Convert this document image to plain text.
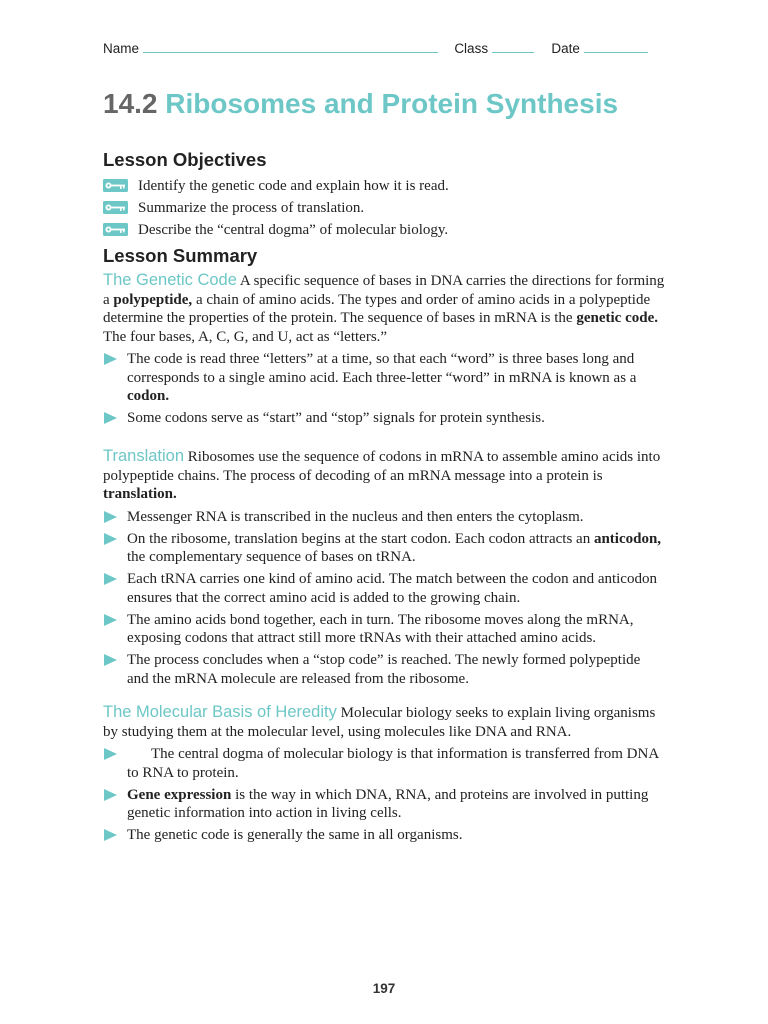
Name	Class	Date
14.2 Ribosomes and Protein Synthesis
Lesson Objectives
Identify the genetic code and explain how it is read.
Summarize the process of translation.
Describe the “central dogma” of molecular biology.
Lesson Summary

The Genetic Code A specific sequence of bases in DNA carries the directions for forming a polypeptide, a chain of amino acids. The types and order of amino acids in a polypeptide determine the properties of the protein. The sequence of bases in mRNA is the genetic code. The four bases, A, C, G, and U, act as “letters.”

The code is read three “letters” at a time, so that each “word” is three bases long and corresponds to a single amino acid. Each three-letter “word” in mRNA is known as a codon.
Some codons serve as “start” and “stop” signals for protein synthesis.

Translation Ribosomes use the sequence of codons in mRNA to assemble amino acids into polypeptide chains. The process of decoding of an mRNA message into a protein is translation.

Messenger RNA is transcribed in the nucleus and then enters the cytoplasm.
On the ribosome, translation begins at the start codon. Each codon attracts an anticodon, the complementary sequence of bases on tRNA.
Each tRNA carries one kind of amino acid. The match between the codon and anticodon ensures that the correct amino acid is added to the growing chain.
The amino acids bond together, each in turn. The ribosome moves along the mRNA, exposing codons that attract still more tRNAs with their attached amino acids.
The process concludes when a “stop code” is reached. The newly formed polypeptide and the mRNA molecule are released from the ribosome.

The Molecular Basis of Heredity Molecular biology seeks to explain living organisms by studying them at the molecular level, using molecules like DNA and RNA.

The central dogma of molecular biology is that information is transferred from DNA to RNA to protein.
Gene expression is the way in which DNA, RNA, and proteins are involved in putting genetic information into action in living cells.
The genetic code is generally the same in all organisms.
197
